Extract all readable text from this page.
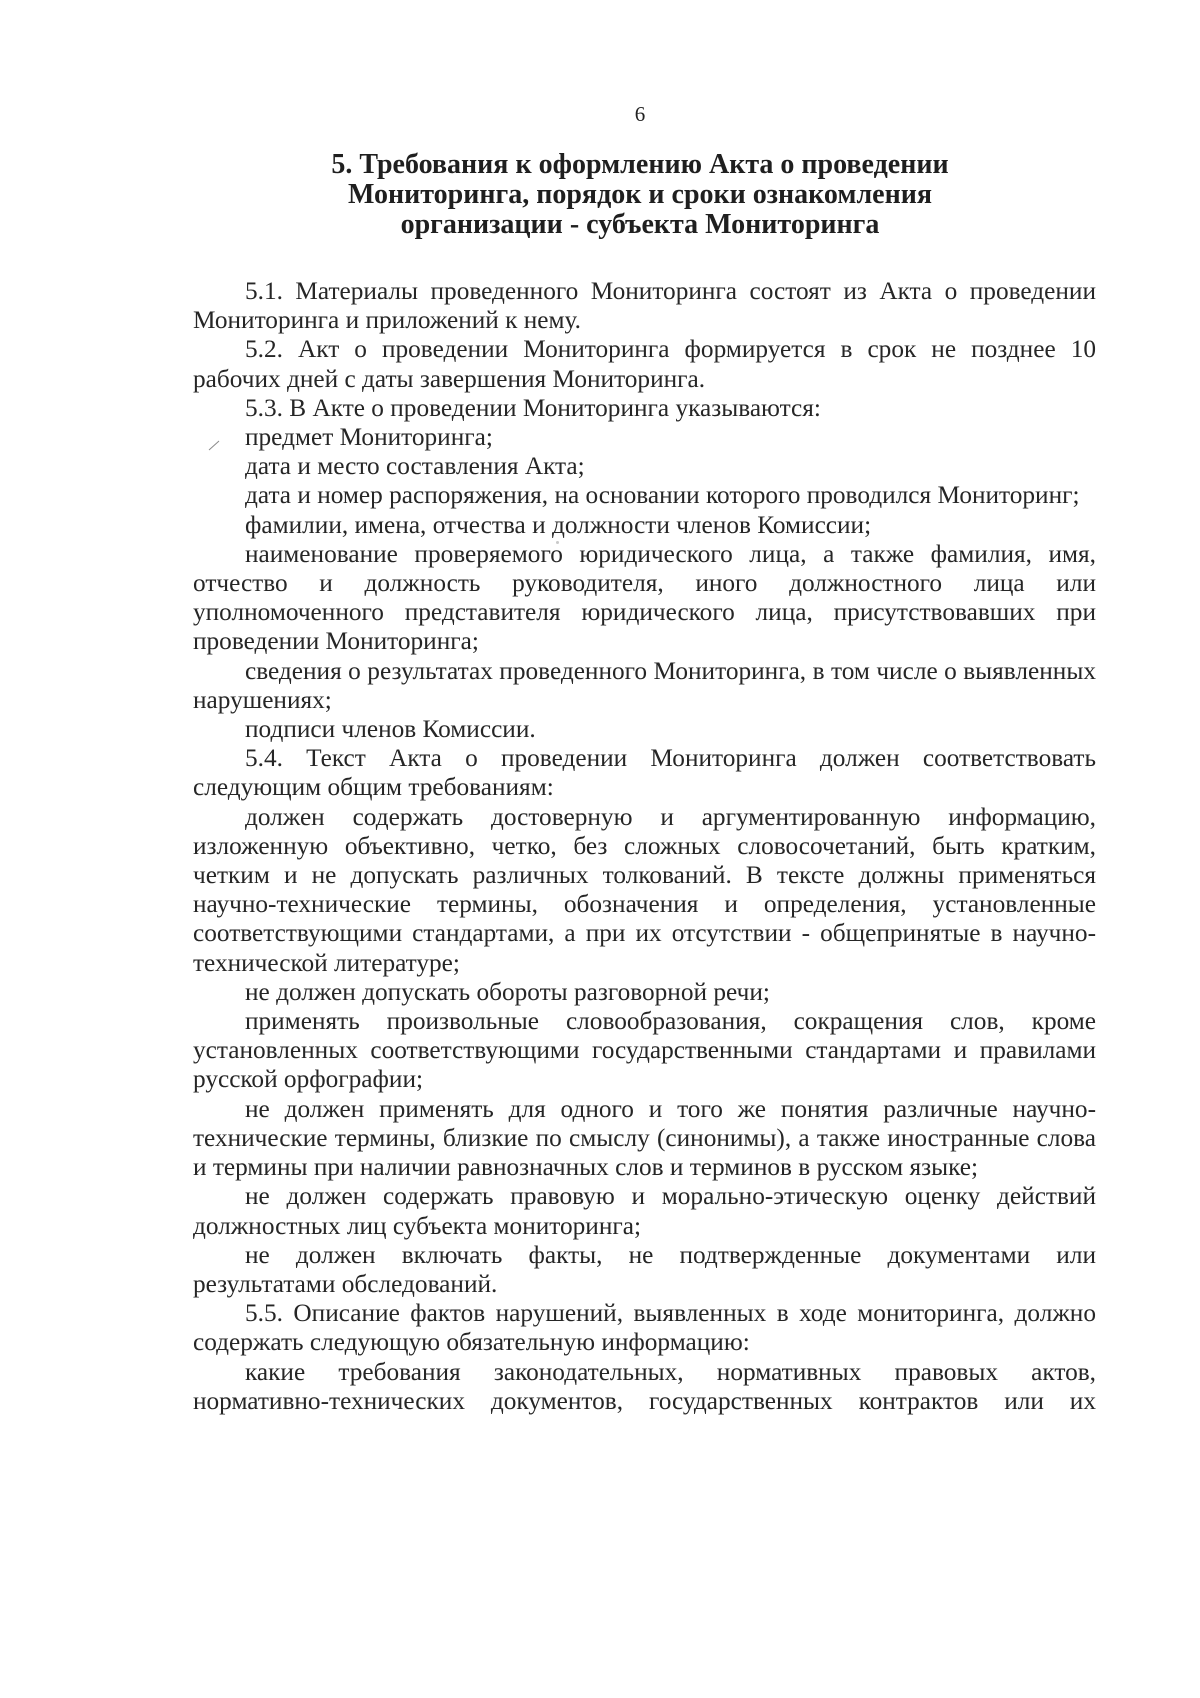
6
5. Требования к оформлению Акта о проведении
Мониторинга, порядок и сроки ознакомления
организации - субъекта Мониторинга

5.1. Материалы проведенного Мониторинга состоят из Акта о проведении Мониторинга и приложений к нему.

5.2. Акт о проведении Мониторинга формируется в срок не позднее 10 рабочих дней с даты завершения Мониторинга.

5.3. В Акте о проведении Мониторинга указываются:

предмет Мониторинга;

дата и место составления Акта;

дата и номер распоряжения, на основании которого проводился Мониторинг;

фамилии, имена, отчества и должности членов Комиссии;

наименование проверяемого юридического лица, а также фамилия, имя, отчество и должность руководителя, иного должностного лица или уполномоченного представителя юридического лица, присутствовавших при проведении Мониторинга;

сведения о результатах проведенного Мониторинга, в том числе о выявленных нарушениях;

подписи членов Комиссии.

5.4. Текст Акта о проведении Мониторинга должен соответствовать следующим общим требованиям:

должен содержать достоверную и аргументированную информацию, изложенную объективно, четко, без сложных словосочетаний, быть кратким, четким и не допускать различных толкований. В тексте должны применяться научно-технические термины, обозначения и определения, установленные соответствующими стандартами, а при их отсутствии - общепринятые в научно-технической литературе;

не должен допускать обороты разговорной речи;

применять произвольные словообразования, сокращения слов, кроме установленных соответствующими государственными стандартами и правилами русской орфографии;

не должен применять для одного и того же понятия различные научно-технические термины, близкие по смыслу (синонимы), а также иностранные слова и термины при наличии равнозначных слов и терминов в русском языке;

не должен содержать правовую и морально-этическую оценку действий должностных лиц субъекта мониторинга;

не должен включать факты, не подтвержденные документами или результатами обследований.

5.5. Описание фактов нарушений, выявленных в ходе мониторинга, должно содержать следующую обязательную информацию:

какие требования законодательных, нормативных правовых актов, нормативно-технических документов, государственных контрактов или их
